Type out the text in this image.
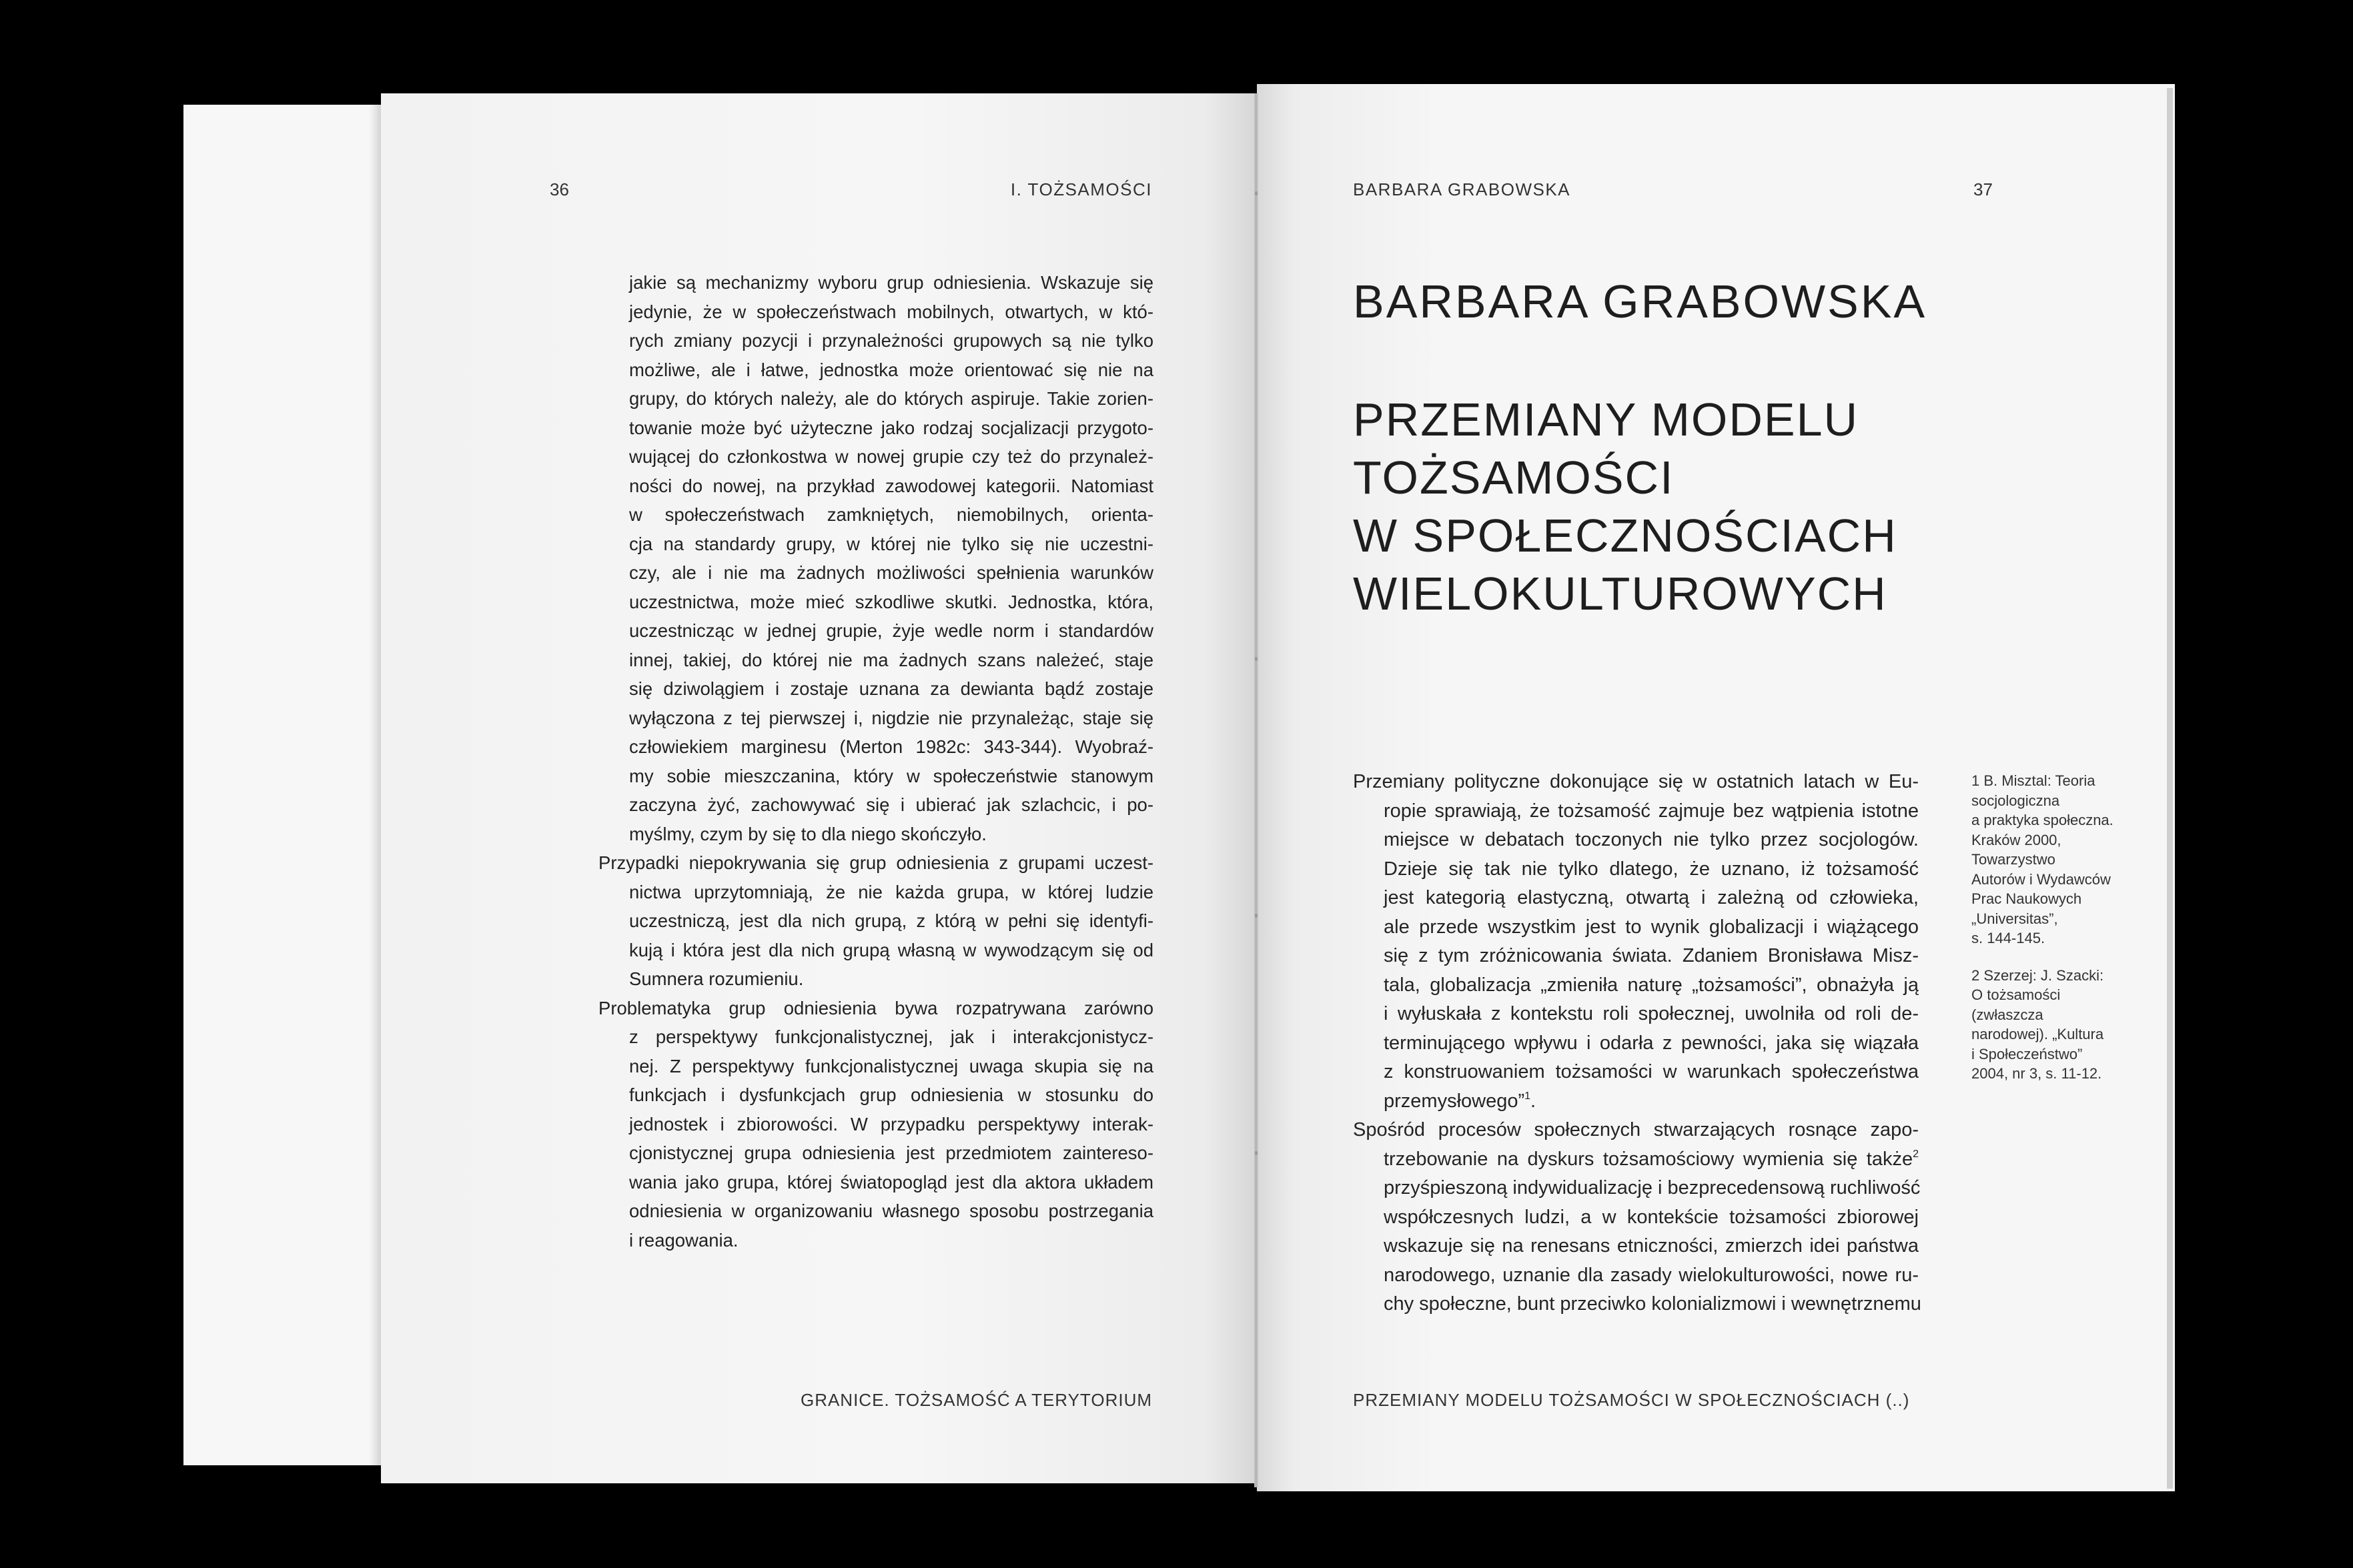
36	I. TOŻSAMOŚCI

jakie są mechanizmy wyboru grup odniesienia. Wskazuje się
jedynie, że w społeczeństwach mobilnych, otwartych, w któ-
rych zmiany pozycji i przynależności grupowych są nie tylko
możliwe, ale i łatwe, jednostka może orientować się nie na
grupy, do których należy, ale do których aspiruje. Takie zorien-
towanie może być użyteczne jako rodzaj socjalizacji przygoto-
wującej do członkostwa w nowej grupie czy też do przynależ-
ności do nowej, na przykład zawodowej kategorii. Natomiast
w społeczeństwach zamkniętych, niemobilnych, orienta-
cja na standardy grupy, w której nie tylko się nie uczestni-
czy, ale i nie ma żadnych możliwości spełnienia warunków
uczestnictwa, może mieć szkodliwe skutki. Jednostka, która,
uczestnicząc w jednej grupie, żyje wedle norm i standardów
innej, takiej, do której nie ma żadnych szans należeć, staje
się dziwolągiem i zostaje uznana za dewianta bądź zostaje
wyłączona z tej pierwszej i, nigdzie nie przynależąc, staje się
człowiekiem marginesu (Merton 1982c: 343-344). Wyobraź-
my sobie mieszczanina, który w społeczeństwie stanowym
zaczyna żyć, zachowywać się i ubierać jak szlachcic, i po-
myślmy, czym by się to dla niego skończyło.

Przypadki niepokrywania się grup odniesienia z grupami uczest-
nictwa uprzytomniają, że nie każda grupa, w której ludzie
uczestniczą, jest dla nich grupą, z którą w pełni się identyfi-
kują i która jest dla nich grupą własną w wywodzącym się od
Sumnera rozumieniu.

Problematyka grup odniesienia bywa rozpatrywana zarówno
z perspektywy funkcjonalistycznej, jak i interakcjonistycz-
nej. Z perspektywy funkcjonalistycznej uwaga skupia się na
funkcjach i dysfunkcjach grup odniesienia w stosunku do
jednostek i zbiorowości. W przypadku perspektywy interak-
cjonistycznej grupa odniesienia jest przedmiotem zaintereso-
wania jako grupa, której światopogląd jest dla aktora układem
odniesienia w organizowaniu własnego sposobu postrzegania
i reagowania.

GRANICE. TOŻSAMOŚĆ A TERYTORIUM

BARBARA GRABOWSKA	37

BARBARA GRABOWSKA
PRZEMIANY MODELU
TOŻSAMOŚCI
W SPOŁECZNOŚCIACH
WIELOKULTUROWYCH

Przemiany polityczne dokonujące się w ostatnich latach w Eu-
ropie sprawiają, że tożsamość zajmuje bez wątpienia istotne
miejsce w debatach toczonych nie tylko przez socjologów.
Dzieje się tak nie tylko dlatego, że uznano, iż tożsamość
jest kategorią elastyczną, otwartą i zależną od człowieka,
ale przede wszystkim jest to wynik globalizacji i wiążącego
się z tym zróżnicowania świata. Zdaniem Bronisława Misz-
tala, globalizacja „zmieniła naturę „tożsamości”, obnażyła ją
i wyłuskała z kontekstu roli społecznej, uwolniła od roli de-
terminującego wpływu i odarła z pewności, jaka się wiązała
z konstruowaniem tożsamości w warunkach społeczeństwa
przemysłowego”$^1$.

Spośród procesów społecznych stwarzających rosnące zapo-
trzebowanie na dyskurs tożsamościowy wymienia się także$^2$
przyśpieszoną indywidualizację i bezprecedensową ruchliwość
współczesnych ludzi, a w kontekście tożsamości zbiorowej
wskazuje się na renesans etniczności, zmierzch idei państwa
narodowego, uznanie dla zasady wielokulturowości, nowe ru-
chy społeczne, bunt przeciwko kolonializmowi i wewnętrznemu

1 B. Misztal: Teoria
socjologiczna
a praktyka społeczna.
Kraków 2000,
Towarzystwo
Autorów i Wydawców
Prac Naukowych
„Universitas”,
s. 144-145.

2 Szerzej: J. Szacki:
O tożsamości
(zwłaszcza
narodowej). „Kultura
i Społeczeństwo”
2004, nr 3, s. 11-12.

PRZEMIANY MODELU TOŻSAMOŚCI W SPOŁECZNOŚCIACH (..)
